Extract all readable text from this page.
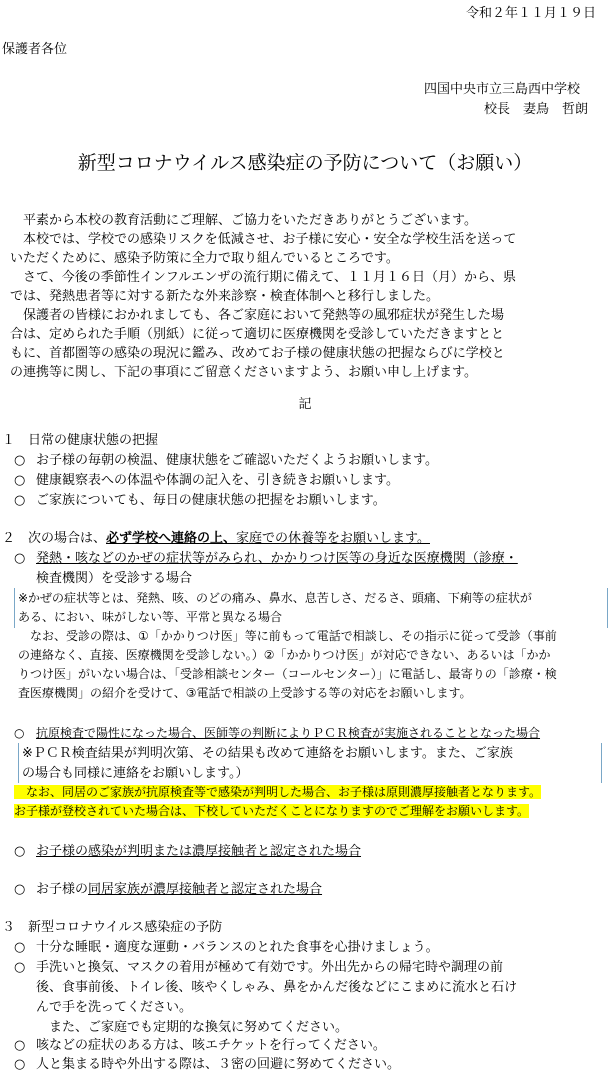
令和２年１１月１９日
保護者各位
四国中央市立三島西中学校
校長　妻鳥　哲朗
新型コロナウイルス感染症の予防について（お願い）
　平素から本校の教育活動にご理解、ご協力をいただきありがとうございます。
　本校では、学校での感染リスクを低減させ、お子様に安心・安全な学校生活を送って
いただくために、感染予防策に全力で取り組んでいるところです。
　さて、今後の季節性インフルエンザの流行期に備えて、１１月１６日（月）から、県
では、発熱患者等に対する新たな外来診察・検査体制へと移行しました。
　保護者の皆様におかれましても、各ご家庭において発熱等の風邪症状が発生した場
合は、定められた手順（別紙）に従って適切に医療機関を受診していただきますとと
もに、首都圏等の感染の現況に鑑み、改めてお子様の健康状態の把握ならびに学校と
の連携等に関し、下記の事項にご留意くださいますよう、お願い申し上げます。
記
１　日常の健康状態の把握
○ お子様の毎朝の検温、健康状態をご確認いただくようお願いします。
○ 健康観察表への体温や体調の記入を、引き続きお願いします。
○ ご家族についても、毎日の健康状態の把握をお願いします。
２　次の場合は、必ず学校へ連絡の上、家庭での休養等をお願いします。
○ 発熱・咳などのかぜの症状等がみられ、かかりつけ医等の身近な医療機関（診療・
検査機関）を受診する場合
※かぜの症状等とは、発熱、咳、のどの痛み、鼻水、息苦しさ、だるさ、頭痛、下痢等の症状が
ある、におい、味がしない等、平常と異なる場合
　なお、受診の際は、①「かかりつけ医」等に前もって電話で相談し、その指示に従って受診（事前
の連絡なく、直接、医療機関を受診しない。）②「かかりつけ医」が対応できない、あるいは「かか
りつけ医」がいない場合は、「受診相談センター（コールセンター）」に電話し、最寄りの「診療・検
査医療機関」の紹介を受けて、③電話で相談の上受診する等の対応をお願いします。
○ 抗原検査で陽性になった場合、医師等の判断によりＰＣＲ検査が実施されることとなった場合
※ＰＣＲ検査結果が判明次第、その結果も改めて連絡をお願いします。また、ご家族
の場合も同様に連絡をお願いします。）
　なお、同居のご家族が抗原検査等で感染が判明した場合、お子様は原則濃厚接触者となります。
お子様が登校されていた場合は、下校していただくことになりますのでご理解をお願いします。
○ お子様の感染が判明または濃厚接触者と認定された場合
○ お子様の同居家族が濃厚接触者と認定された場合
３　新型コロナウイルス感染症の予防
○ 十分な睡眠・適度な運動・バランスのとれた食事を心掛けましょう。
○ 手洗いと換気、マスクの着用が極めて有効です。外出先からの帰宅時や調理の前
後、食事前後、トイレ後、咳やくしゃみ、鼻をかんだ後などにこまめに流水と石け
んで手を洗ってください。
　また、ご家庭でも定期的な換気に努めてください。
○ 咳などの症状のある方は、咳エチケットを行ってください。
○ 人と集まる時や外出する際は、３密の回避に努めてください。
